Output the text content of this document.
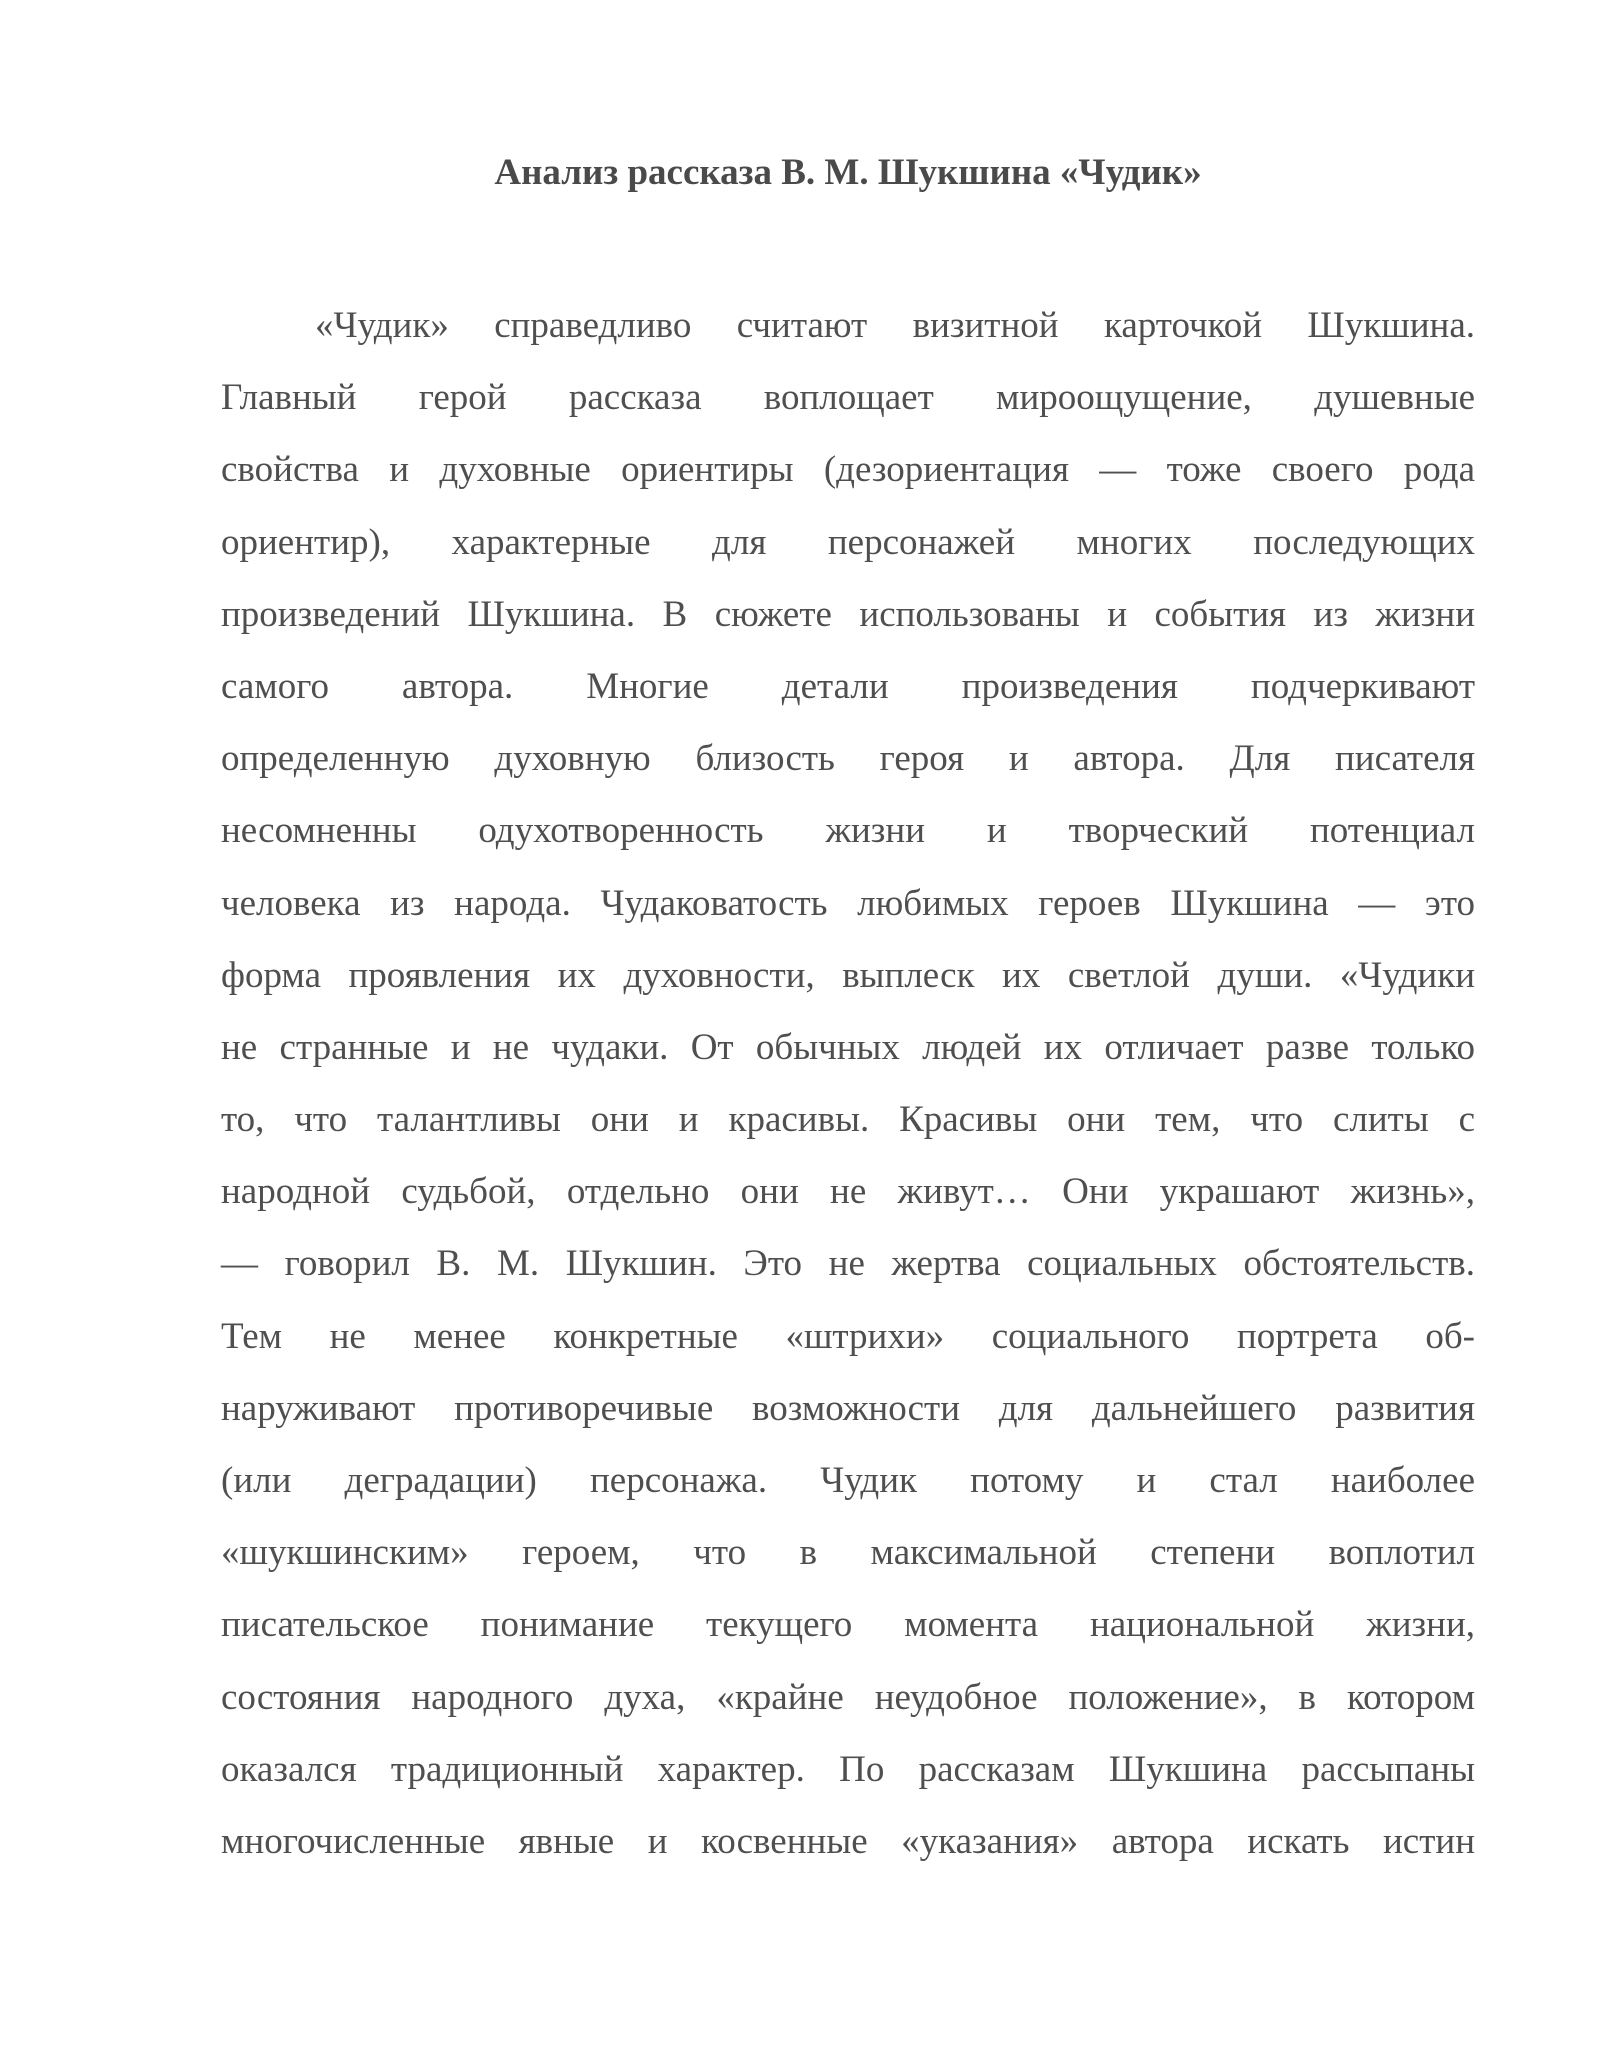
Анализ рассказа В. М. Шукшина «Чудик»
«Чудик» справедливо считают визитной карточкой Шукшина.
Главный герой рассказа воплощает мироощущение, душевные
свойства и духовные ориентиры (дезориентация — тоже своего рода
ориентир), характерные для персонажей многих последующих
произведений Шукшина. В сюжете использованы и события из жизни
самого автора. Многие детали произведения подчеркивают
определенную духовную близость героя и автора. Для писателя
несомненны одухотворенность жизни и творческий потенциал
человека из народа. Чудаковатость любимых героев Шукшина — это
форма проявления их духовности, выплеск их светлой души. «Чудики
не странные и не чудаки. От обычных людей их отличает разве только
то, что талантливы они и красивы. Красивы они тем, что слиты с
народной судьбой, отдельно они не живут… Они украшают жизнь»,
— говорил В. М. Шукшин. Это не жертва социальных обстоятельств.
Тем не менее конкретные «штрихи» социального портрета об-
наруживают противоречивые возможности для дальнейшего развития
(или деградации) персонажа. Чудик потому и стал наиболее
«шукшинским» героем, что в максимальной степени воплотил
писательское понимание текущего момента национальной жизни,
состояния народного духа, «крайне неудобное положение», в котором
оказался традиционный характер. По рассказам Шукшина рассыпаны
многочисленные явные и косвенные «указания» автора искать истин
